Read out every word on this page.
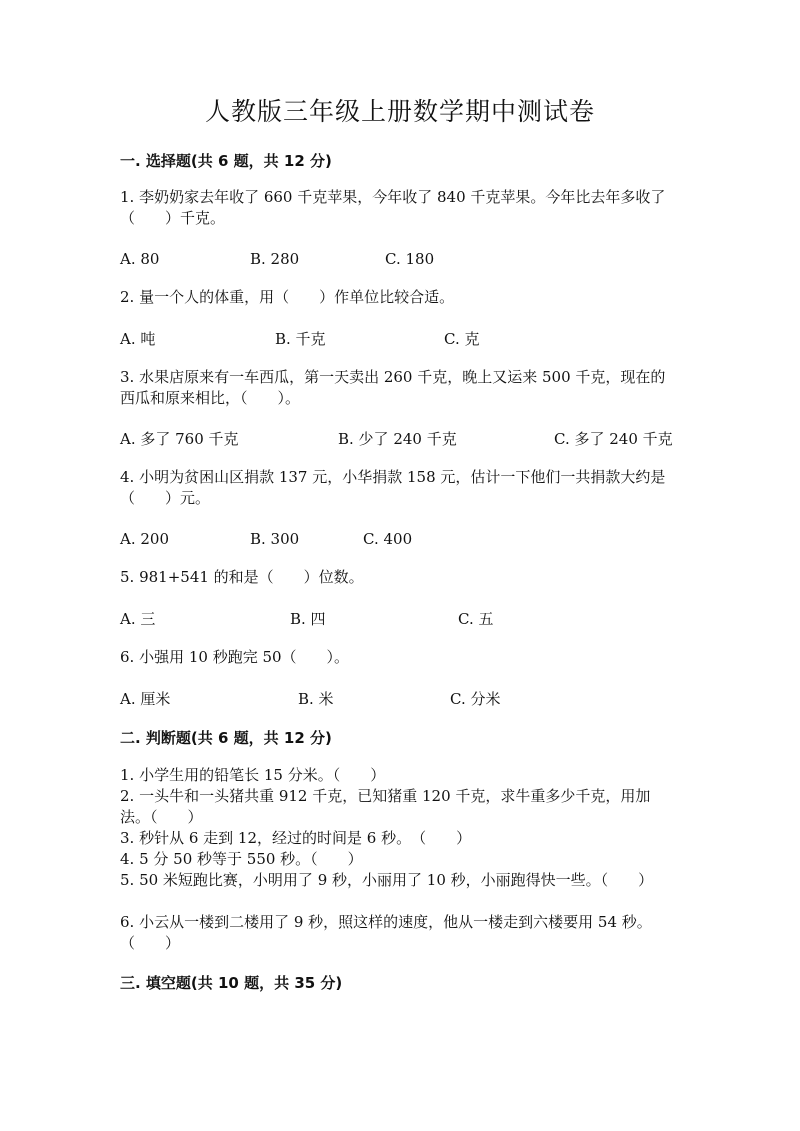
人教版三年级上册数学期中测试卷
一. 选择题(共 6 题，共 12 分)
1. 李奶奶家去年收了 660 千克苹果，今年收了 840 千克苹果。今年比去年多收了（　　）千克。
A. 80	B. 280	C. 180
2. 量一个人的体重，用（　　）作单位比较合适。
A. 吨	B. 千克	C. 克
3. 水果店原来有一车西瓜，第一天卖出 260 千克，晚上又运来 500 千克，现在的西瓜和原来相比，（　　）。
A. 多了 760 千克	B. 少了 240 千克	C. 多了 240 千克
4. 小明为贫困山区捐款 137 元，小华捐款 158 元，估计一下他们一共捐款大约是（　　）元。
A. 200	B. 300	C. 400
5. 981+541 的和是（　　）位数。
A. 三	B. 四	C. 五
6. 小强用 10 秒跑完 50（　　）。
A. 厘米	B. 米	C. 分米
二. 判断题(共 6 题，共 12 分)
1. 小学生用的铅笔长 15 分米。（　　）
2. 一头牛和一头猪共重 912 千克，已知猪重 120 千克，求牛重多少千克，用加法。（　　）
3. 秒针从 6 走到 12，经过的时间是 6 秒。　（　　）
4. 5 分 50 秒等于 550 秒。（　　）
5. 50 米短跑比赛，小明用了 9 秒，小丽用了 10 秒，小丽跑得快一些。（　　）
6. 小云从一楼到二楼用了 9 秒，照这样的速度，他从一楼走到六楼要用 54 秒。（　　）
三. 填空题(共 10 题，共 35 分)
